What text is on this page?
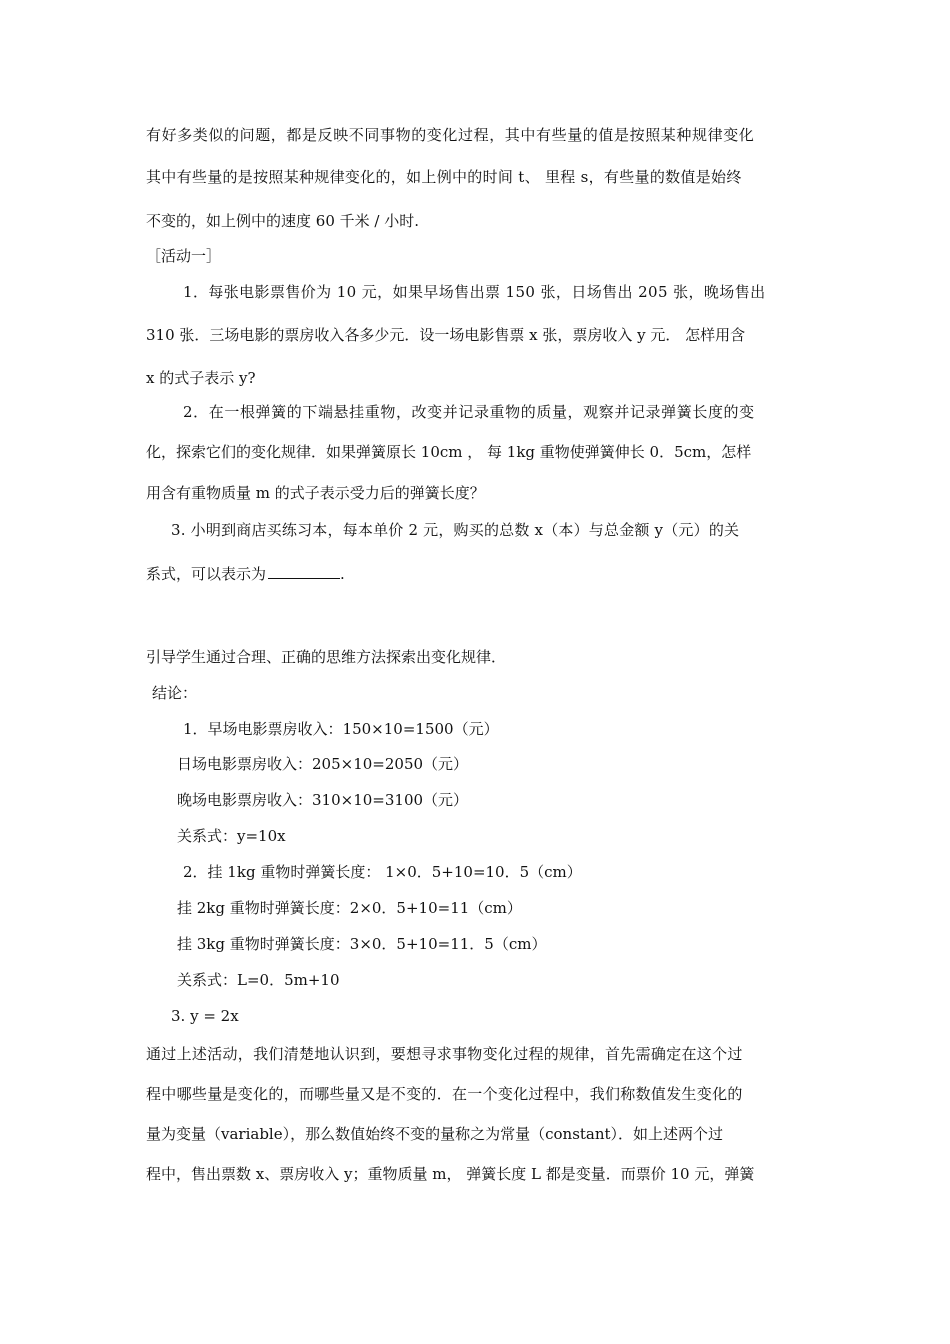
有好多类似的问题，都是反映不同事物的变化过程，其中有些量的值是按照某种规律变化
其中有些量的是按照某种规律变化的，如上例中的时间 t、 里程 s，有些量的数值是始终
不变的，如上例中的速度 60 千米 / 小时.
［活动一］
1．每张电影票售价为 10 元，如果早场售出票 150 张，日场售出 205 张，晚场售出
310 张．三场电影的票房收入各多少元．设一场电影售票 x 张，票房收入 y 元． 怎样用含
x 的式子表示 y?
2．在一根弹簧的下端悬挂重物，改变并记录重物的质量，观察并记录弹簧长度的变
化，探索它们的变化规律．如果弹簧原长 10cm ， 每 1kg 重物使弹簧伸长 0．5cm，怎样
用含有重物质量 m 的式子表示受力后的弹簧长度？
3. 小明到商店买练习本，每本单价 2 元，购买的总数 x（本）与总金额 y（元）的关
系式，可以表示为	.
引导学生通过合理、正确的思维方法探索出变化规律．
结论：
1．早场电影票房收入：150×10=1500（元）
日场电影票房收入：205×10=2050（元）
晚场电影票房收入：310×10=3100（元）
关系式：y=10x
2．挂 1kg 重物时弹簧长度： 1×0．5+10=10．5（cm）
挂 2kg 重物时弹簧长度：2×0．5+10=11（cm）
挂 3kg 重物时弹簧长度：3×0．5+10=11．5（cm）
关系式：L=0．5m+10
3. y = 2x
通过上述活动，我们清楚地认识到，要想寻求事物变化过程的规律，首先需确定在这个过
程中哪些量是变化的，而哪些量又是不变的．在一个变化过程中，我们称数值发生变化的
量为变量（variable），那么数值始终不变的量称之为常量（constant）．如上述两个过
程中，售出票数 x、票房收入 y；重物质量 m， 弹簧长度 L 都是变量．而票价 10 元，弹簧
